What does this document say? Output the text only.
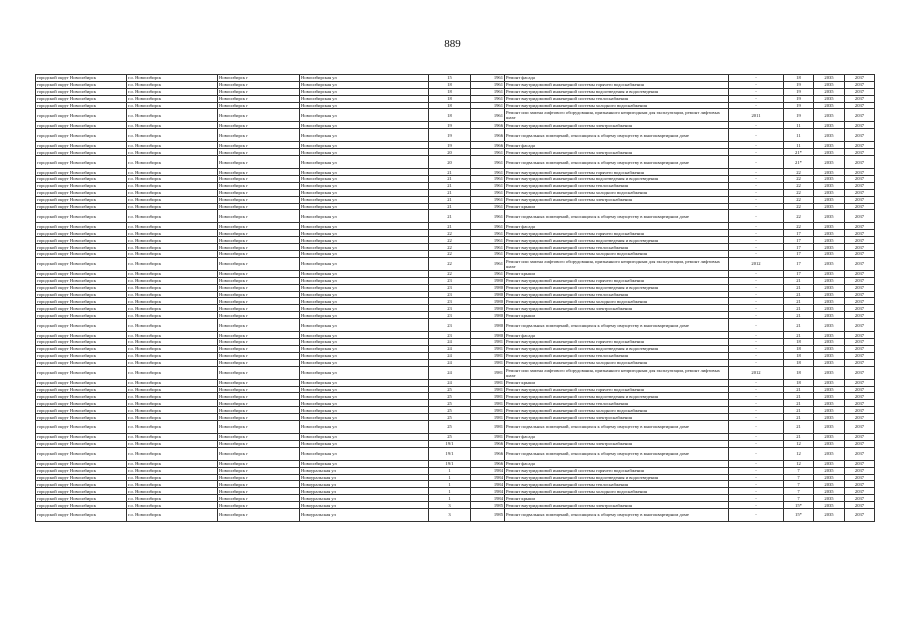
889
городской округ Новосибирск	г.о. Новосибирск	Новосибирск г	Новосибирская ул	15	1961	Ремонт фасада	-	18	2035	2037
городской округ Новосибирск	г.о. Новосибирск	Новосибирск г	Новосибирская ул	18	1961	Ремонт внутридомовой инженерной системы горячего водоснабжения	-	19	2035	2037
городской округ Новосибирск	г.о. Новосибирск	Новосибирск г	Новосибирская ул	18	1961	Ремонт внутридомовой инженерной системы водоотведения и водоотведения	-	19	2035	2037
городской округ Новосибирск	г.о. Новосибирск	Новосибирск г	Новосибирская ул	18	1961	Ремонт внутридомовой инженерной системы теплоснабжения	-	19	2035	2037
городской округ Новосибирск	г.о. Новосибирск	Новосибирск г	Новосибирская ул	18	1961	Ремонт внутридомовой инженерной системы холодного водоснабжения	-	19	2035	2037
городской округ Новосибирск	г.о. Новосибирск	Новосибирск г	Новосибирская ул	18	1961	Ремонт или замена лифтового оборудования, признанного непригодным для эксплуатации, ремонт лифтовых шахт	2011	19	2035	2037
городской округ Новосибирск	г.о. Новосибирск	Новосибирск г	Новосибирская ул	19	1966	Ремонт внутридомовой инженерной системы электроснабжения	-	11	2035	2037
городской округ Новосибирск	г.о. Новосибирск	Новосибирск г	Новосибирская ул	19	1966	Ремонт подвальных помещений, относящихся к общему имуществу в многоквартирном доме	-	11	2035	2037
городской округ Новосибирск	г.о. Новосибирск	Новосибирск г	Новосибирская ул	19	1966	Ремонт фасада	-	11	2035	2037
городской округ Новосибирск	г.о. Новосибирск	Новосибирск г	Новосибирская ул	20	1961	Ремонт внутридомовой инженерной системы электроснабжения	-	21*	2035	2037
городской округ Новосибирск	г.о. Новосибирск	Новосибирск г	Новосибирская ул	20	1961	Ремонт подвальных помещений, относящихся к общему имуществу в многоквартирном доме	-	21*	2035	2037
городской округ Новосибирск	г.о. Новосибирск	Новосибирск г	Новосибирская ул	21	1961	Ремонт внутридомовой инженерной системы горячего водоснабжения	-	22	2035	2037
городской округ Новосибирск	г.о. Новосибирск	Новосибирск г	Новосибирская ул	21	1961	Ремонт внутридомовой инженерной системы водоотведения и водоотведения	-	22	2035	2037
городской округ Новосибирск	г.о. Новосибирск	Новосибирск г	Новосибирская ул	21	1961	Ремонт внутридомовой инженерной системы теплоснабжения	-	22	2035	2037
городской округ Новосибирск	г.о. Новосибирск	Новосибирск г	Новосибирская ул	21	1961	Ремонт внутридомовой инженерной системы холодного водоснабжения	-	22	2035	2037
городской округ Новосибирск	г.о. Новосибирск	Новосибирск г	Новосибирская ул	21	1961	Ремонт внутридомовой инженерной системы электроснабжения	-	22	2035	2037
городской округ Новосибирск	г.о. Новосибирск	Новосибирск г	Новосибирская ул	21	1961	Ремонт крыши	-	22	2035	2037
городской округ Новосибирск	г.о. Новосибирск	Новосибирск г	Новосибирская ул	21	1961	Ремонт подвальных помещений, относящихся к общему имуществу в многоквартирном доме	-	22	2035	2037
городской округ Новосибирск	г.о. Новосибирск	Новосибирск г	Новосибирская ул	21	1961	Ремонт фасада	-	22	2035	2037
городской округ Новосибирск	г.о. Новосибирск	Новосибирск г	Новосибирская ул	22	1961	Ремонт внутридомовой инженерной системы горячего водоснабжения	-	17	2035	2037
городской округ Новосибирск	г.о. Новосибирск	Новосибирск г	Новосибирская ул	22	1961	Ремонт внутридомовой инженерной системы водоотведения и водоотведения	-	17	2035	2037
городской округ Новосибирск	г.о. Новосибирск	Новосибирск г	Новосибирская ул	22	1961	Ремонт внутридомовой инженерной системы теплоснабжения	-	17	2035	2037
городской округ Новосибирск	г.о. Новосибирск	Новосибирск г	Новосибирская ул	22	1961	Ремонт внутридомовой инженерной системы холодного водоснабжения	-	17	2035	2037
городской округ Новосибирск	г.о. Новосибирск	Новосибирск г	Новосибирская ул	22	1961	Ремонт или замена лифтового оборудования, признанного непригодным для эксплуатации, ремонт лифтовых шахт	2012	17	2035	2037
городской округ Новосибирск	г.о. Новосибирск	Новосибирск г	Новосибирская ул	22	1961	Ремонт крыши	-	17	2035	2037
городской округ Новосибирск	г.о. Новосибирск	Новосибирск г	Новосибирская ул	23	1980	Ремонт внутридомовой инженерной системы горячего водоснабжения	-	21	2035	2037
городской округ Новосибирск	г.о. Новосибирск	Новосибирск г	Новосибирская ул	23	1980	Ремонт внутридомовой инженерной системы водоотведения и водоотведения	-	21	2035	2037
городской округ Новосибирск	г.о. Новосибирск	Новосибирск г	Новосибирская ул	23	1980	Ремонт внутридомовой инженерной системы теплоснабжения	-	21	2035	2037
городской округ Новосибирск	г.о. Новосибирск	Новосибирск г	Новосибирская ул	23	1980	Ремонт внутридомовой инженерной системы холодного водоснабжения	-	21	2035	2037
городской округ Новосибирск	г.о. Новосибирск	Новосибирск г	Новосибирская ул	23	1980	Ремонт внутридомовой инженерной системы электроснабжения	-	21	2035	2037
городской округ Новосибирск	г.о. Новосибирск	Новосибирск г	Новосибирская ул	23	1980	Ремонт крыши	-	21	2035	2037
городской округ Новосибирск	г.о. Новосибирск	Новосибирск г	Новосибирская ул	23	1980	Ремонт подвальных помещений, относящихся к общему имуществу в многоквартирном доме	-	21	2035	2037
городской округ Новосибирск	г.о. Новосибирск	Новосибирск г	Новосибирская ул	23	1980	Ремонт фасада	-	21	2035	2037
городской округ Новосибирск	г.о. Новосибирск	Новосибирск г	Новосибирская ул	24	1981	Ремонт внутридомовой инженерной системы горячего водоснабжения	-	18	2035	2037
городской округ Новосибирск	г.о. Новосибирск	Новосибирск г	Новосибирская ул	24	1981	Ремонт внутридомовой инженерной системы водоотведения и водоотведения	-	18	2035	2037
городской округ Новосибирск	г.о. Новосибирск	Новосибирск г	Новосибирская ул	24	1981	Ремонт внутридомовой инженерной системы теплоснабжения	-	18	2035	2037
городской округ Новосибирск	г.о. Новосибирск	Новосибирск г	Новосибирская ул	24	1981	Ремонт внутридомовой инженерной системы холодного водоснабжения	-	18	2035	2037
городской округ Новосибирск	г.о. Новосибирск	Новосибирск г	Новосибирская ул	24	1981	Ремонт или замена лифтового оборудования, признанного непригодным для эксплуатации, ремонт лифтовых шахт	2012	18	2035	2037
городской округ Новосибирск	г.о. Новосибирск	Новосибирск г	Новосибирская ул	24	1981	Ремонт крыши	-	18	2035	2037
городской округ Новосибирск	г.о. Новосибирск	Новосибирск г	Новосибирская ул	25	1981	Ремонт внутридомовой инженерной системы горячего водоснабжения	-	21	2035	2037
городской округ Новосибирск	г.о. Новосибирск	Новосибирск г	Новосибирская ул	25	1981	Ремонт внутридомовой инженерной системы водоотведения и водоотведения	-	21	2035	2037
городской округ Новосибирск	г.о. Новосибирск	Новосибирск г	Новосибирская ул	25	1981	Ремонт внутридомовой инженерной системы теплоснабжения	-	21	2035	2037
городской округ Новосибирск	г.о. Новосибирск	Новосибирск г	Новосибирская ул	25	1981	Ремонт внутридомовой инженерной системы холодного водоснабжения	-	21	2035	2037
городской округ Новосибирск	г.о. Новосибирск	Новосибирск г	Новосибирская ул	25	1981	Ремонт внутридомовой инженерной системы электроснабжения	-	21	2035	2037
городской округ Новосибирск	г.о. Новосибирск	Новосибирск г	Новосибирская ул	25	1981	Ремонт подвальных помещений, относящихся к общему имуществу в многоквартирном доме	-	21	2035	2037
городской округ Новосибирск	г.о. Новосибирск	Новосибирск г	Новосибирская ул	25	1981	Ремонт фасада	-	21	2035	2037
городской округ Новосибирск	г.о. Новосибирск	Новосибирск г	Новосибирская ул	19/1	1966	Ремонт внутридомовой инженерной системы электроснабжения	-	12	2035	2037
городской округ Новосибирск	г.о. Новосибирск	Новосибирск г	Новосибирская ул	19/1	1966	Ремонт подвальных помещений, относящихся к общему имуществу в многоквартирном доме	-	12	2035	2037
городской округ Новосибирск	г.о. Новосибирск	Новосибирск г	Новосибирская ул	19/1	1966	Ремонт фасада	-	12	2035	2037
городской округ Новосибирск	г.о. Новосибирск	Новосибирск г	Новоуральская ул	1	1984	Ремонт внутридомовой инженерной системы горячего водоснабжения	-	7	2035	2037
городской округ Новосибирск	г.о. Новосибирск	Новосибирск г	Новоуральская ул	1	1984	Ремонт внутридомовой инженерной системы водоотведения и водоотведения	-	7	2035	2037
городской округ Новосибирск	г.о. Новосибирск	Новосибирск г	Новоуральская ул	1	1984	Ремонт внутридомовой инженерной системы теплоснабжения	-	7	2035	2037
городской округ Новосибирск	г.о. Новосибирск	Новосибирск г	Новоуральская ул	1	1984	Ремонт внутридомовой инженерной системы холодного водоснабжения	-	7	2035	2037
городской округ Новосибирск	г.о. Новосибирск	Новосибирск г	Новоуральская ул	1	1984	Ремонт крыши	-	7	2035	2037
городской округ Новосибирск	г.о. Новосибирск	Новосибирск г	Новоуральская ул	3	1985	Ремонт внутридомовой инженерной системы электроснабжения	-	15*	2035	2037
городской округ Новосибирск	г.о. Новосибирск	Новосибирск г	Новоуральская ул	3	1985	Ремонт подвальных помещений, относящихся к общему имуществу в многоквартирном доме	-	15*	2035	2037
